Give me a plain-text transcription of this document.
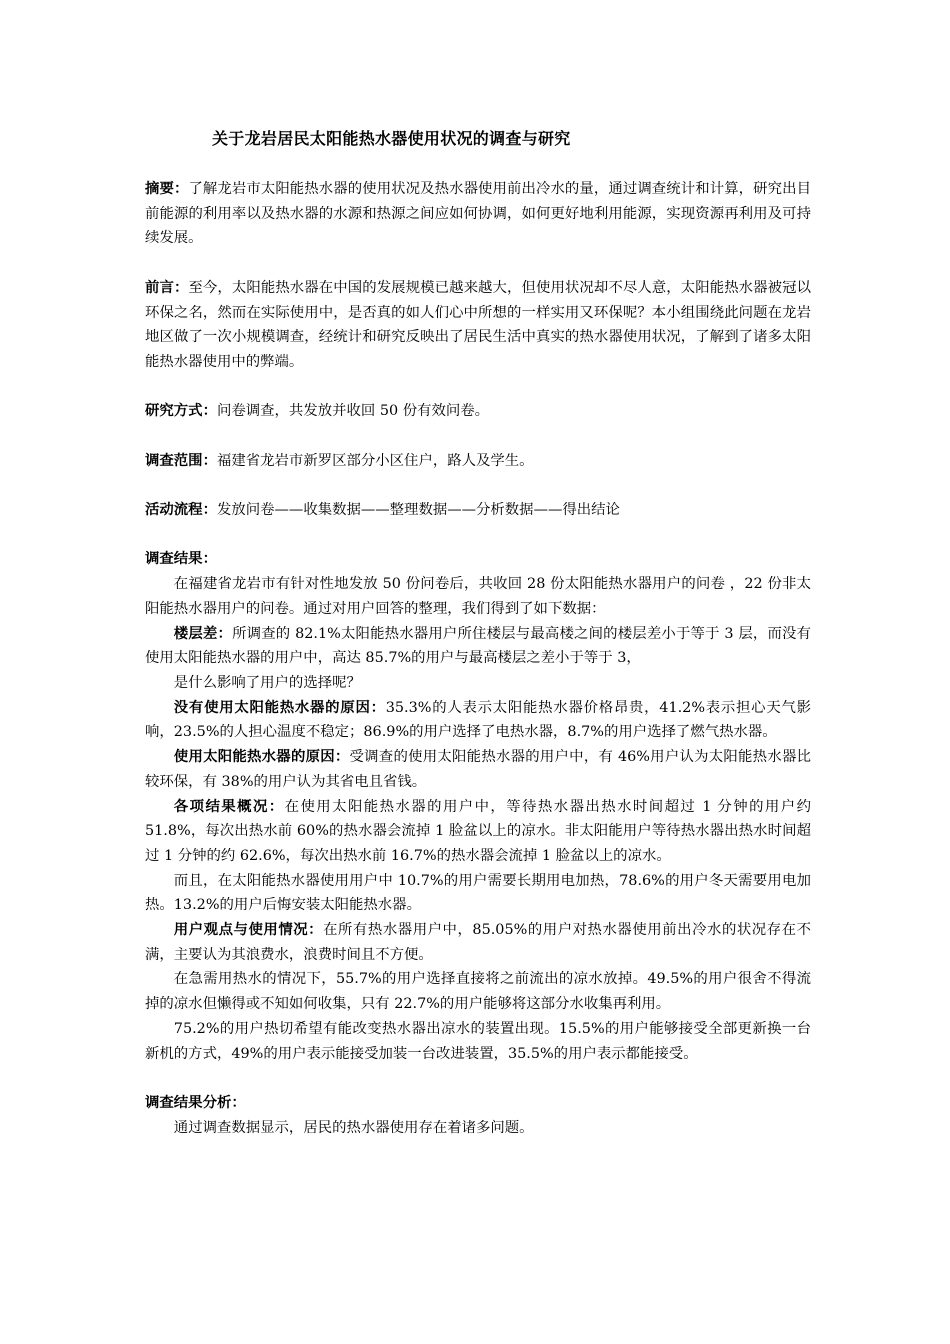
关于龙岩居民太阳能热水器使用状况的调查与研究

摘要：了解龙岩市太阳能热水器的使用状况及热水器使用前出冷水的量，通过调查统计和计算，研究出目前能源的利用率以及热水器的水源和热源之间应如何协调，如何更好地利用能源，实现资源再利用及可持续发展。

前言：至今，太阳能热水器在中国的发展规模已越来越大，但使用状况却不尽人意，太阳能热水器被冠以环保之名，然而在实际使用中，是否真的如人们心中所想的一样实用又环保呢？本小组围绕此问题在龙岩地区做了一次小规模调查，经统计和研究反映出了居民生活中真实的热水器使用状况，了解到了诸多太阳能热水器使用中的弊端。

研究方式：问卷调查，共发放并收回 50 份有效问卷。

调查范围：福建省龙岩市新罗区部分小区住户，路人及学生。

活动流程：发放问卷——收集数据——整理数据——分析数据——得出结论

调查结果：

在福建省龙岩市有针对性地发放 50 份问卷后，共收回 28 份太阳能热水器用户的问卷 ，22 份非太阳能热水器用户的问卷。通过对用户回答的整理，我们得到了如下数据：

楼层差：所调查的 82.1%太阳能热水器用户所住楼层与最高楼之间的楼层差小于等于 3 层，而没有使用太阳能热水器的用户中，高达 85.7%的用户与最高楼层之差小于等于 3，

是什么影响了用户的选择呢？

没有使用太阳能热水器的原因：35.3%的人表示太阳能热水器价格昂贵，41.2%表示担心天气影响，23.5%的人担心温度不稳定；86.9%的用户选择了电热水器，8.7%的用户选择了燃气热水器。

使用太阳能热水器的原因：受调查的使用太阳能热水器的用户中，有 46%用户认为太阳能热水器比较环保，有 38%的用户认为其省电且省钱。

各项结果概况：在使用太阳能热水器的用户中，等待热水器出热水时间超过 1 分钟的用户约 51.8%，每次出热水前 60%的热水器会流掉 1 脸盆以上的凉水。非太阳能用户等待热水器出热水时间超过 1 分钟的约 62.6%，每次出热水前 16.7%的热水器会流掉 1 脸盆以上的凉水。

而且，在太阳能热水器使用用户中 10.7%的用户需要长期用电加热，78.6%的用户冬天需要用电加热。13.2%的用户后悔安装太阳能热水器。

用户观点与使用情况：在所有热水器用户中，85.05%的用户对热水器使用前出冷水的状况存在不满，主要认为其浪费水，浪费时间且不方便。

在急需用热水的情况下，55.7%的用户选择直接将之前流出的凉水放掉。49.5%的用户很舍不得流掉的凉水但懒得或不知如何收集，只有 22.7%的用户能够将这部分水收集再利用。

75.2%的用户热切希望有能改变热水器出凉水的装置出现。15.5%的用户能够接受全部更新换一台新机的方式，49%的用户表示能接受加装一台改进装置，35.5%的用户表示都能接受。

调查结果分析：

通过调查数据显示，居民的热水器使用存在着诸多问题。
